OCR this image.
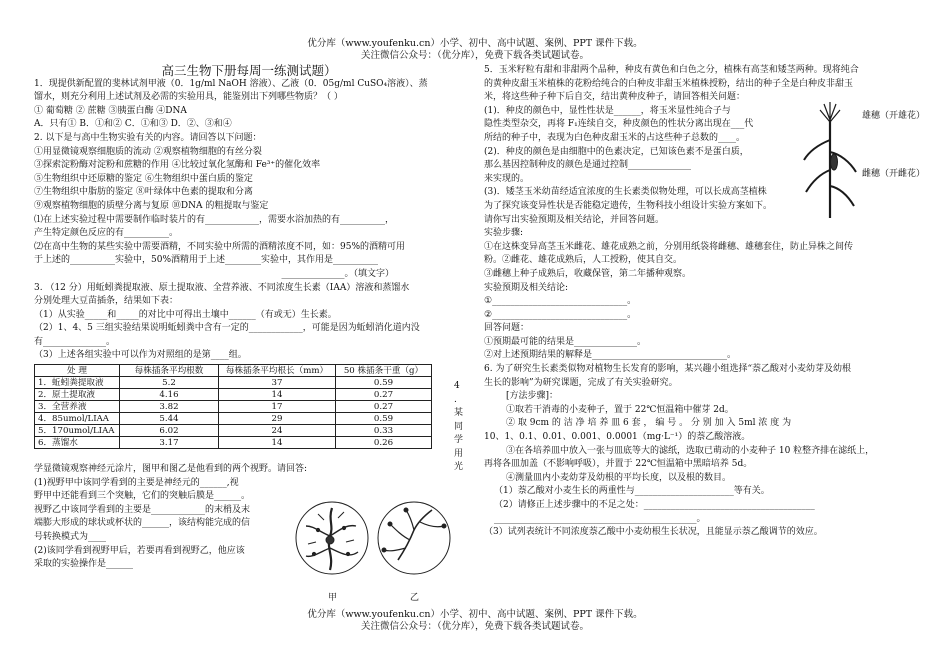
优分库（www.youfenku.cn）小学、初中、高中试题、案例、PPT 课件下载。
关注微信公众号：（优分库），免费下载各类试题试卷。

高三生物下册每周一练测试题）

1．现提供新配置的斐林试剂甲液（0．1g/ml NaOH 溶液）、乙液（0．05g/ml CuSO₄溶液）、蒸

馏水，则充分利用上述试剂及必需的实验用具，能鉴别出下列哪些物质？（ ）

① 葡萄糖 ② 蔗糖 ③胰蛋白酶 ④DNA

A．只有① B．①和② C．①和③ D．②、③和④

2. 以下是与高中生物实验有关的内容。请回答以下问题：

①用显微镜观察细胞质的流动 ②观察植物细胞的有丝分裂

③探索淀粉酶对淀粉和蔗糖的作用 ④比较过氧化氢酶和 Fe³⁺的催化效率

⑤生物组织中还原糖的鉴定 ⑥生物组织中蛋白质的鉴定

⑦生物组织中脂肪的鉴定 ⑧叶绿体中色素的提取和分离

⑨观察植物细胞的质壁分离与复原 ⑩DNA 的粗提取与鉴定

⑴在上述实验过程中需要制作临时装片的有____________，需要水浴加热的有__________，

产生特定颜色反应的有__________。

⑵在高中生物的某些实验中需要酒精，不同实验中所需的酒精浓度不同，如：95%的酒精可用

于上述的__________实验中，50%酒精用于上述________实验中，其作用是__________

______________。（填文字）

3. （12 分）用蚯蚓粪提取液、原土提取液、全营养液、不同浓度生长素（IAA）溶液和蒸馏水

分别处理大豆苗插条，结果如下表：

（1）从实验_____和_____的对比中可得出土壤中______（有或无）生长素。

（2）1、4、5 三组实验结果说明蚯蚓粪中含有一定的____________，可能是因为蚯蚓消化道内没

有______________。

（3）上述各组实验中可以作为对照组的是第____组。

处 理	每株插条平均根数	每株插条平均根长（mm）	50 株插条干重（g）
1．蚯蚓粪提取液	5.2	37	0.59
2．原土提取液	4.16	14	0.27
3．全营养液	3.82	17	0.27
4．85umol/LIAA	5.44	29	0.59
5．170umol/LIAA	6.02	24	0.33
6．蒸馏水	3.17	14	0.26

学显微镜观察神经元涂片，图甲和图乙是他看到的两个视野。请回答:

(1)视野甲中该同学看到的主要是神经元的______,视

野甲中还能看到三个突触，它们的突触后膜是______。

视野乙中该同学看到的主要是____________的末梢及末

端膨大形成的球状或杯状的______，该结构能完成的信

号转换模式为____

(2)该同学看到视野甲后，若要再看到视野乙，他应该

采取的实验操作是______

4
.
某
同
学
用
光
甲	乙

5．玉米籽粒有甜和非甜两个品种，种皮有黄色和白色之分，植株有高茎和矮茎两种。现将纯合

的黄种皮甜玉米植株的花粉给纯合的白种皮非甜玉米植株授粉，结出的种子全是白种皮非甜玉

米，将这些种子种下后自交，结出黄种皮种子，请回答相关问题：

(1)．种皮的颜色中，显性性状是______，将玉米显性纯合子与

隐性类型杂交，再将 F₁连续自交，种皮颜色的性状分离出现在___代

所结的种子中，表现为白色种皮甜玉米的占这些种子总数的____。

(2)．种皮的颜色是由细胞中的色素决定，已知该色素不是蛋白质，

那么基因控制种皮的颜色是通过控制______________

来实现的。

(3)．矮茎玉米幼苗经适宜浓度的生长素类似物处理，可以长成高茎植株

为了探究该变异性状是否能稳定遗传，生物科技小组设计实验方案如下。

请你写出实验预期及相关结论，并回答问题。

实验步骤:

①在这株变异高茎玉米雌花、雄花成熟之前，分别用纸袋将雌穗、雄穗套住，防止异株之间传

粉。②雌花、雄花成熟后，人工授粉，使其自交。

③雌穗上种子成熟后，收藏保管，第二年播种观察。

实验预期及相关结论:

①______________________________。

②______________________________。

回答问题：

①预期最可能的结果是______________。

②对上述预期结果的解释是______________________________。

6. 为了研究生长素类似物对植物生长发育的影响，某兴趣小组选择“萘乙酸对小麦幼芽及幼根

生长的影响”为研究课题，完成了有关实验研究。

[方法步骤]：

①取若干消毒的小麦种子，置于 22℃恒温箱中催芽 2d。

② 取 9cm 的 洁 净 培 养 皿 6 套 ， 编 号 。 分 别 加 入 5ml 浓 度 为

10、1、0.1、0.01、0.001、0.0001（mg·L⁻¹）的萘乙酸溶液。

③在各培养皿中放入一张与皿底等大的滤纸，选取已萌动的小麦种子 10 粒整齐排在滤纸上，

再将各皿加盖（不影响呼吸），并置于 22℃恒温箱中黑暗培养 5d。

④测量皿内小麦幼芽及幼根的平均长度，以及根的数目。

（1）萘乙酸对小麦生长的两重性与______________________等有关。

（2）请修正上述步骤中的不足之处：______________________________________

_____________________________________________。

（3）试列表统计不同浓度萘乙酸中小麦幼根生长状况，且能显示萘乙酸调节的效应。

雄穗（开雄花）
雌穗（开雌花）
优分库（www.youfenku.cn）小学、初中、高中试题、案例、PPT 课件下载。
关注微信公众号：（优分库），免费下载各类试题试卷。
